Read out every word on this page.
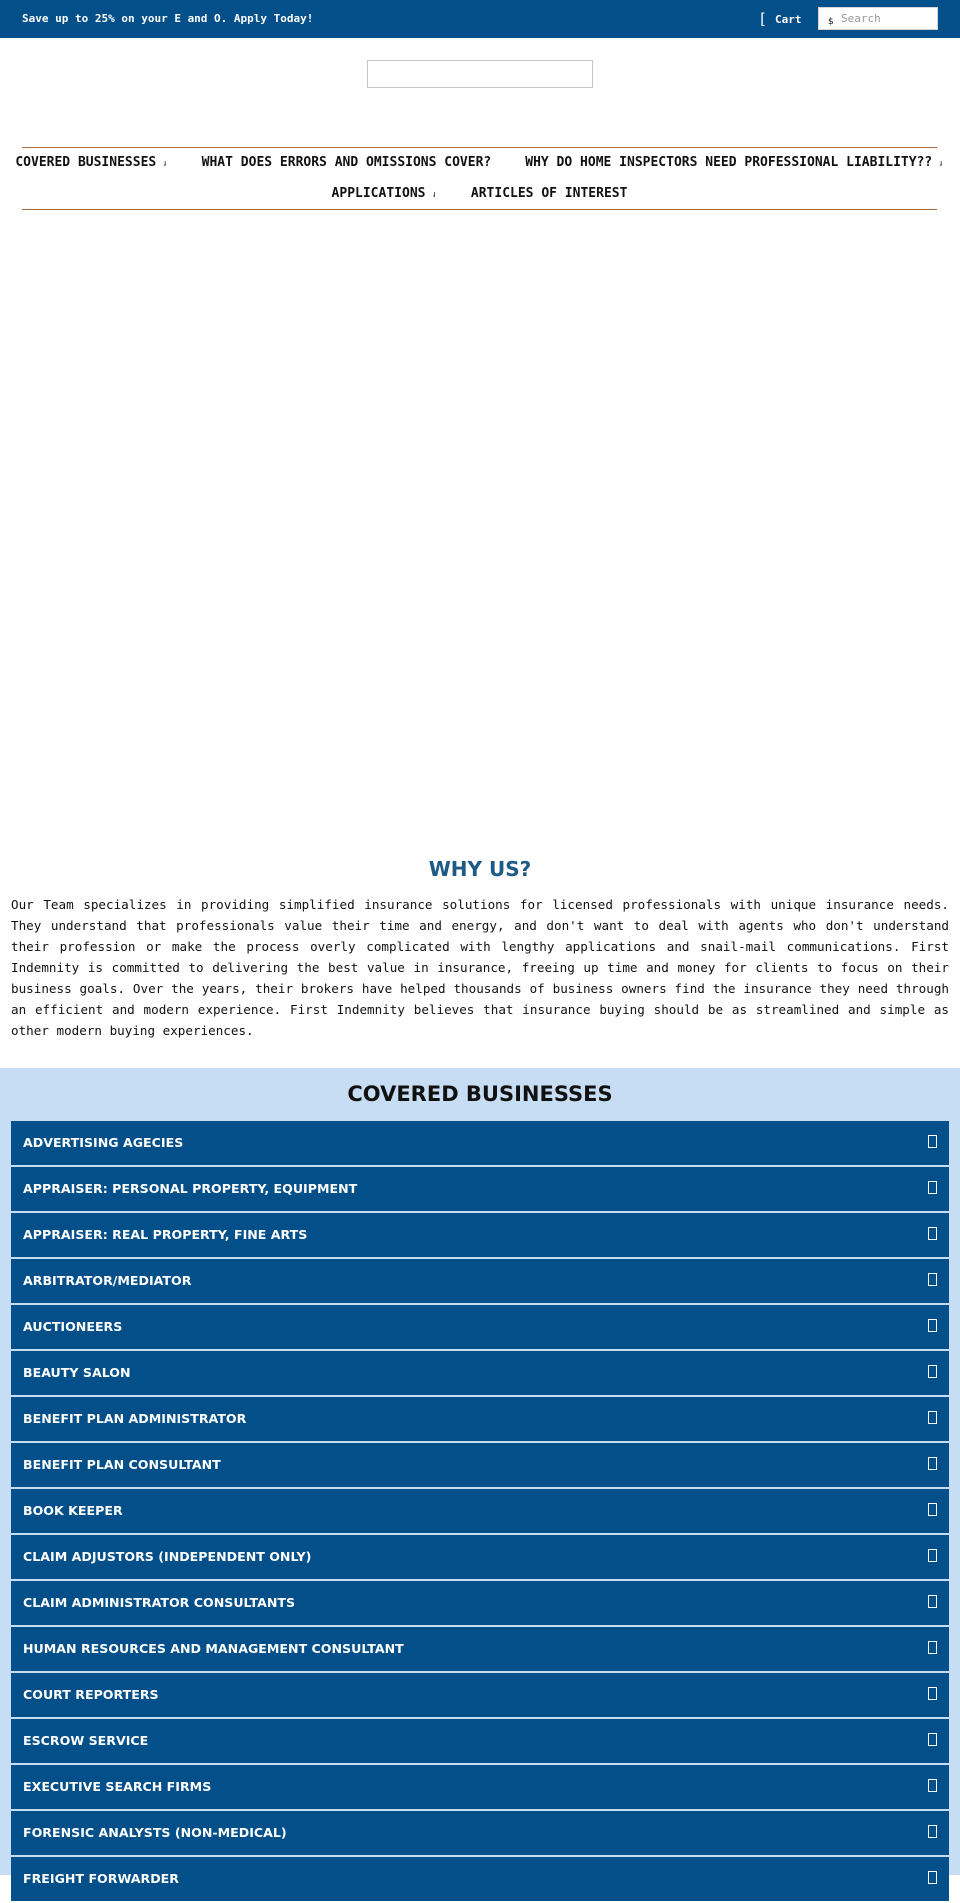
Save up to 25% on your E and O. Apply Today!	[ Cart	$
Search
COVERED BUSINESSES ⇃	WHAT DOES ERRORS AND OMISSIONS COVER?	WHY DO HOME INSPECTORS NEED PROFESSIONAL LIABILITY?? ⇃
APPLICATIONS ⇃	ARTICLES OF INTEREST
WHY US?

Our Team specializes in providing simplified insurance solutions for licensed professionals with unique insurance needs. They understand that professionals value their time and energy, and don't want to deal with agents who don't understand their profession or make the process overly complicated with lengthy applications and snail-mail communications. First Indemnity is committed to delivering the best value in insurance, freeing up time and money for clients to focus on their business goals. Over the years, their brokers have helped thousands of business owners find the insurance they need through an efficient and modern experience. First Indemnity believes that insurance buying should be as streamlined and simple as other modern buying experiences.

COVERED BUSINESSES
ADVERTISING AGECIES
APPRAISER: PERSONAL PROPERTY, EQUIPMENT
APPRAISER: REAL PROPERTY, FINE ARTS
ARBITRATOR/MEDIATOR
AUCTIONEERS
BEAUTY SALON
BENEFIT PLAN ADMINISTRATOR
BENEFIT PLAN CONSULTANT
BOOK KEEPER
CLAIM ADJUSTORS (INDEPENDENT ONLY)
CLAIM ADMINISTRATOR CONSULTANTS
HUMAN RESOURCES AND MANAGEMENT CONSULTANT
COURT REPORTERS
ESCROW SERVICE
EXECUTIVE SEARCH FIRMS
FORENSIC ANALYSTS (NON-MEDICAL)
FREIGHT FORWARDER
